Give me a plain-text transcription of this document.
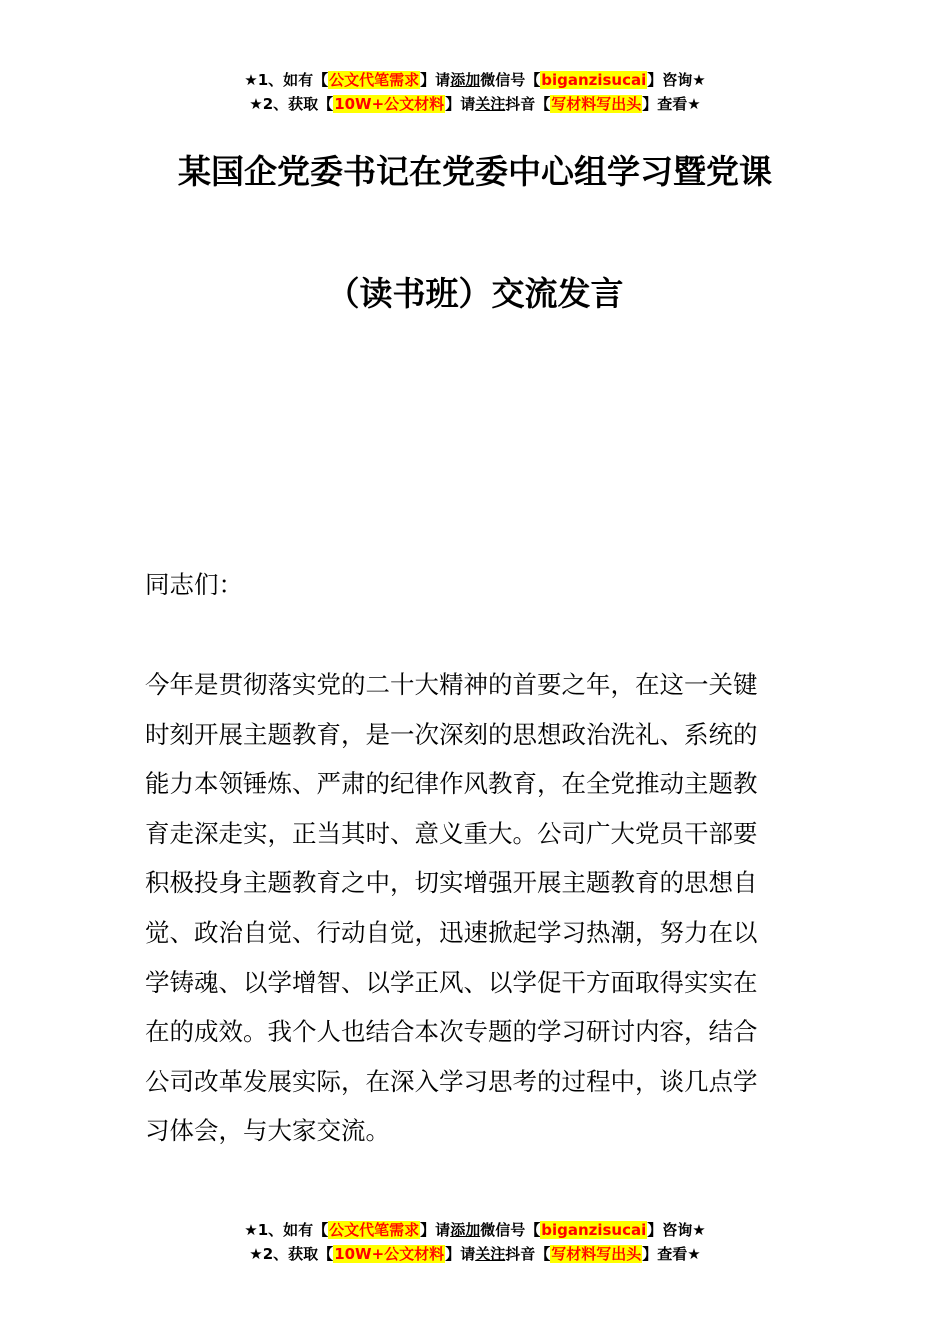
★1、如有【公文代笔需求】请添加微信号【biganzisucai】咨询★
★2、获取【10W+公文材料】请关注抖音【写材料写出头】查看★
某国企党委书记在党委中心组学习暨党课
（读书班）交流发言
同志们：
今年是贯彻落实党的二十大精神的首要之年，在这一关键
时刻开展主题教育，是一次深刻的思想政治洗礼、系统的
能力本领锤炼、严肃的纪律作风教育，在全党推动主题教
育走深走实，正当其时、意义重大。公司广大党员干部要
积极投身主题教育之中，切实增强开展主题教育的思想自
觉、政治自觉、行动自觉，迅速掀起学习热潮，努力在以
学铸魂、以学增智、以学正风、以学促干方面取得实实在
在的成效。我个人也结合本次专题的学习研讨内容，结合
公司改革发展实际，在深入学习思考的过程中，谈几点学
习体会，与大家交流。
★1、如有【公文代笔需求】请添加微信号【biganzisucai】咨询★
★2、获取【10W+公文材料】请关注抖音【写材料写出头】查看★
